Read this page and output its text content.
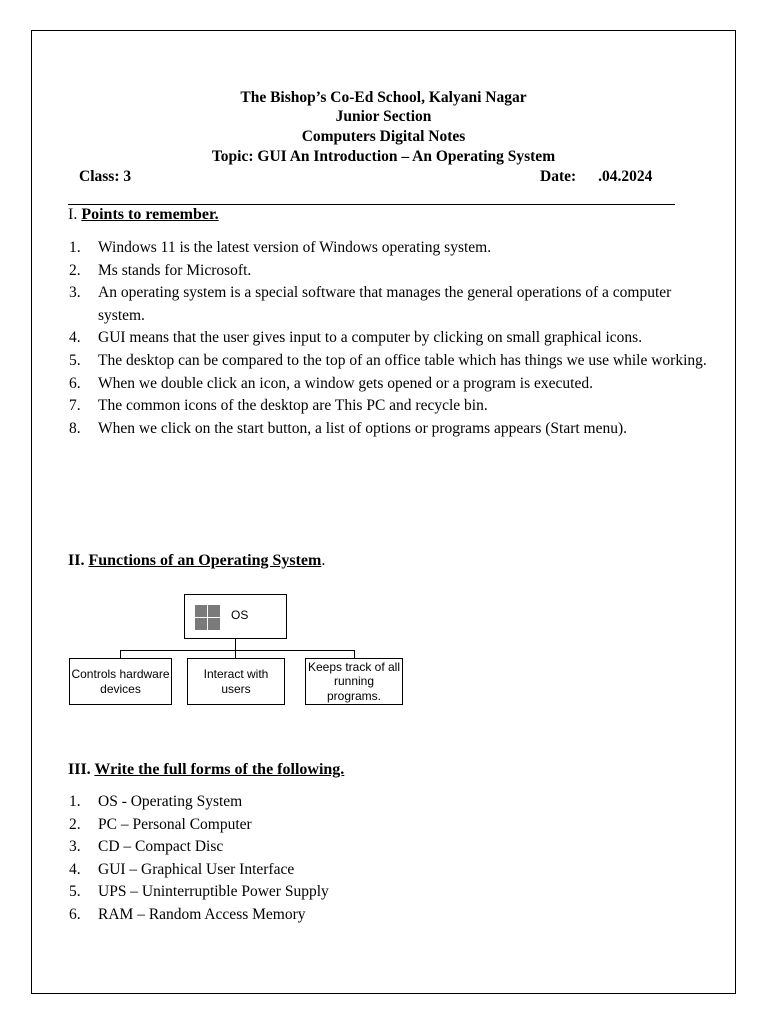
The Bishop’s Co-Ed School, Kalyani Nagar
Junior Section
Computers Digital Notes
Topic: GUI An Introduction – An Operating System
Class: 3	Date: .04.2024
I. Points to remember.
1. Windows 11 is the latest version of Windows operating system.
2. Ms stands for Microsoft.
3. An operating system is a special software that manages the general operations of a computer system.
4. GUI means that the user gives input to a computer by clicking on small graphical icons.
5. The desktop can be compared to the top of an office table which has things we use while working.
6. When we double click an icon, a window gets opened or a program is executed.
7. The common icons of the desktop are This PC and recycle bin.
8. When we click on the start button, a list of options or programs appears (Start menu).
II. Functions of an Operating System.
OS
Controls hardware devices
Interact with users
Keeps track of all running programs.
III. Write the full forms of the following.
1. OS - Operating System
2. PC – Personal Computer
3. CD – Compact Disc
4. GUI – Graphical User Interface
5. UPS – Uninterruptible Power Supply
6. RAM – Random Access Memory
